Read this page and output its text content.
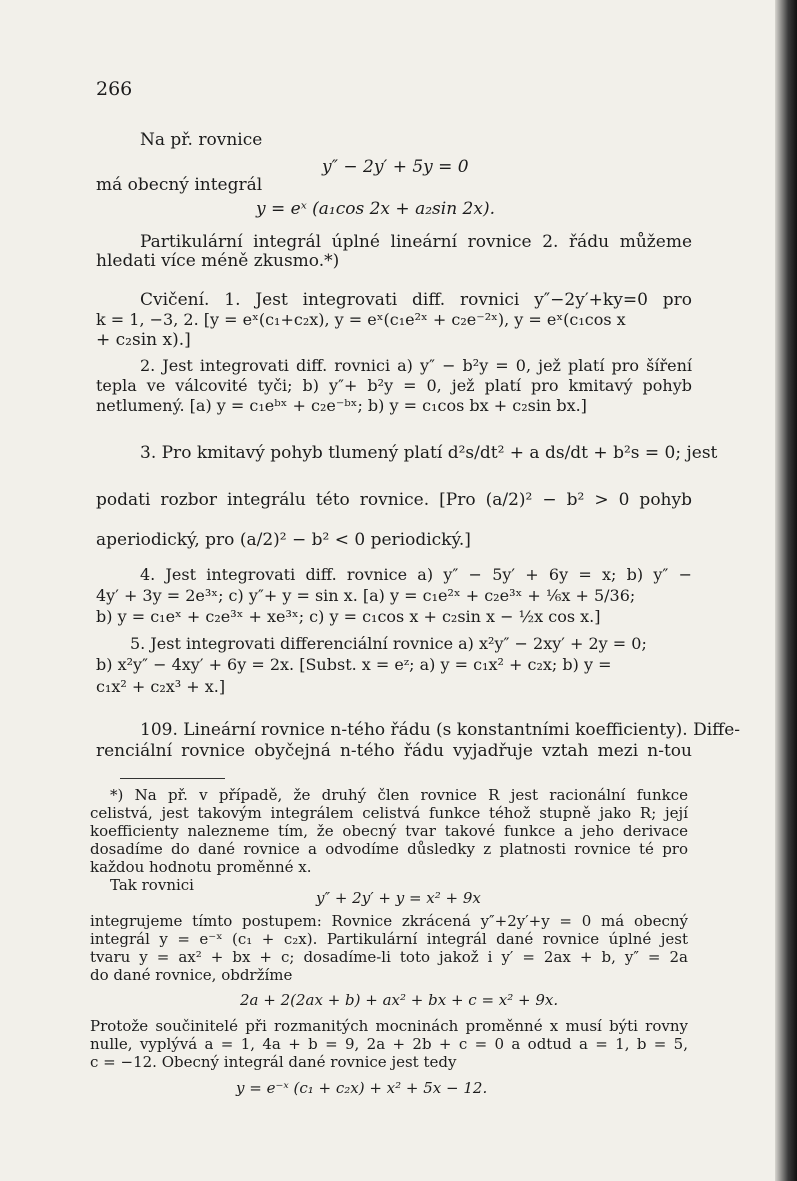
266
Na př. rovnice
y″ − 2y′ + 5y = 0
má obecný integrál
y = eˣ (a₁cos 2x + a₂sin 2x).
Partikulární integrál úplné lineární rovnice 2. řádu můžeme
hledati více méně zkusmo.*)
Cvičení. 1. Jest integrovati diff. rovnici y″−2y′+ky=0 pro
k = 1, −3, 2. [y = eˣ(c₁+c₂x), y = eˣ(c₁e²ˣ + c₂e⁻²ˣ), y = eˣ(c₁cos x
+ c₂sin x).]
2. Jest integrovati diff. rovnici a) y″ − b²y = 0, jež platí pro šíření
tepla ve válcovité tyči; b) y″+ b²y = 0, jež platí pro kmitavý pohyb
netlumený. [a) y = c₁eᵇˣ + c₂e⁻ᵇˣ; b) y = c₁cos bx + c₂sin bx.]
3. Pro kmitavý pohyb tlumený platí d²s/dt² + a ds/dt + b²s = 0; jest
podati rozbor integrálu této rovnice. [Pro (a/2)² − b² > 0 pohyb
aperiodický, pro (a/2)² − b² < 0 periodický.]
4. Jest integrovati diff. rovnice a) y″ − 5y′ + 6y = x; b) y″ −
4y′ + 3y = 2e³ˣ; c) y″+ y = sin x. [a) y = c₁e²ˣ + c₂e³ˣ + ⅙x + 5/36;
b) y = c₁eˣ + c₂e³ˣ + xe³ˣ; c) y = c₁cos x + c₂sin x − ½x cos x.]
5. Jest integrovati differenciální rovnice a) x²y″ − 2xy′ + 2y = 0;
b) x²y″ − 4xy′ + 6y = 2x. [Subst. x = eᶻ; a) y = c₁x² + c₂x; b) y =
c₁x² + c₂x³ + x.]
109. Lineární rovnice n-tého řádu (s konstantními koefficienty). Diffe-
renciální rovnice obyčejná n-tého řádu vyjadřuje vztah mezi n-tou
*) Na př. v případě, že druhý člen rovnice R jest racionální funkce
celistvá, jest takovým integrálem celistvá funkce téhož stupně jako R; její
koefficienty nalezneme tím, že obecný tvar takové funkce a jeho derivace
dosadíme do dané rovnice a odvodíme důsledky z platnosti rovnice té pro
každou hodnotu proměnné x.
Tak rovnici
y″ + 2y′ + y = x² + 9x
integrujeme tímto postupem: Rovnice zkrácená y″+2y′+y = 0 má obecný
integrál y = e⁻ˣ (c₁ + c₂x). Partikulární integrál dané rovnice úplné jest
tvaru y = ax² + bx + c; dosadíme-li toto jakož i y′ = 2ax + b, y″ = 2a
do dané rovnice, obdržíme
2a + 2(2ax + b) + ax² + bx + c = x² + 9x.
Protože součinitelé při rozmanitých mocninách proměnné x musí býti rovny
nulle, vyplývá a = 1, 4a + b = 9, 2a + 2b + c = 0 a odtud a = 1, b = 5,
c = −12. Obecný integrál dané rovnice jest tedy
y = e⁻ˣ (c₁ + c₂x) + x² + 5x − 12.
